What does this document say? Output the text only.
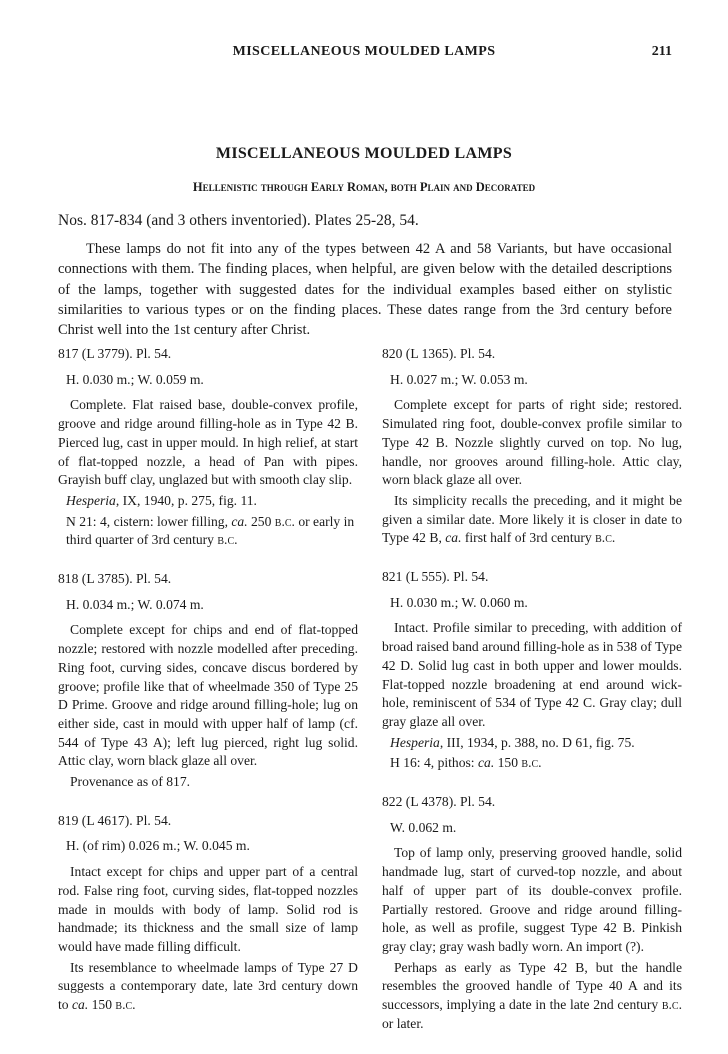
MISCELLANEOUS MOULDED LAMPS	211
MISCELLANEOUS MOULDED LAMPS
Hellenistic through Early Roman, both Plain and Decorated
Nos. 817-834 (and 3 others inventoried). Plates 25-28, 54.

These lamps do not fit into any of the types between 42 A and 58 Variants, but have occasional connections with them. The finding places, when helpful, are given below with the detailed descriptions of the lamps, together with suggested dates for the individual examples based either on stylistic similarities to various types or on the finding places. These dates range from the 3rd century before Christ well into the 1st century after Christ.

817 (L 3779). Pl. 54.

H. 0.030 m.; W. 0.059 m.

Complete. Flat raised base, double-convex profile, groove and ridge around filling-hole as in Type 42 B. Pierced lug, cast in upper mould. In high relief, at start of flat-topped nozzle, a head of Pan with pipes. Grayish buff clay, unglazed but with smooth clay slip.

Hesperia, IX, 1940, p. 275, fig. 11.

N 21: 4, cistern: lower filling, ca. 250 b.c. or early in third quarter of 3rd century b.c.

818 (L 3785). Pl. 54.

H. 0.034 m.; W. 0.074 m.

Complete except for chips and end of flat-topped nozzle; restored with nozzle modelled after preceding. Ring foot, curving sides, concave discus bordered by groove; profile like that of wheelmade 350 of Type 25 D Prime. Groove and ridge around filling-hole; lug on either side, cast in mould with upper half of lamp (cf. 544 of Type 43 A); left lug pierced, right lug solid. Attic clay, worn black glaze all over.

Provenance as of 817.

819 (L 4617). Pl. 54.

H. (of rim) 0.026 m.; W. 0.045 m.

Intact except for chips and upper part of a central rod. False ring foot, curving sides, flat-topped nozzles made in moulds with body of lamp. Solid rod is handmade; its thickness and the small size of lamp would have made filling difficult.

Its resemblance to wheelmade lamps of Type 27 D suggests a contemporary date, late 3rd century down to ca. 150 b.c.

820 (L 1365). Pl. 54.

H. 0.027 m.; W. 0.053 m.

Complete except for parts of right side; restored. Simulated ring foot, double-convex profile similar to Type 42 B. Nozzle slightly curved on top. No lug, handle, nor grooves around filling-hole. Attic clay, worn black glaze all over.

Its simplicity recalls the preceding, and it might be given a similar date. More likely it is closer in date to Type 42 B, ca. first half of 3rd century b.c.

821 (L 555). Pl. 54.

H. 0.030 m.; W. 0.060 m.

Intact. Profile similar to preceding, with addition of broad raised band around filling-hole as in 538 of Type 42 D. Solid lug cast in both upper and lower moulds. Flat-topped nozzle broadening at end around wick-hole, reminiscent of 534 of Type 42 C. Gray clay; dull gray glaze all over.

Hesperia, III, 1934, p. 388, no. D 61, fig. 75.

H 16: 4, pithos: ca. 150 b.c.

822 (L 4378). Pl. 54.

W. 0.062 m.

Top of lamp only, preserving grooved handle, solid handmade lug, start of curved-top nozzle, and about half of upper part of its double-convex profile. Partially restored. Groove and ridge around filling-hole, as well as profile, suggest Type 42 B. Pinkish gray clay; gray wash badly worn. An import (?).

Perhaps as early as Type 42 B, but the handle resembles the grooved handle of Type 40 A and its successors, implying a date in the late 2nd century b.c. or later.
